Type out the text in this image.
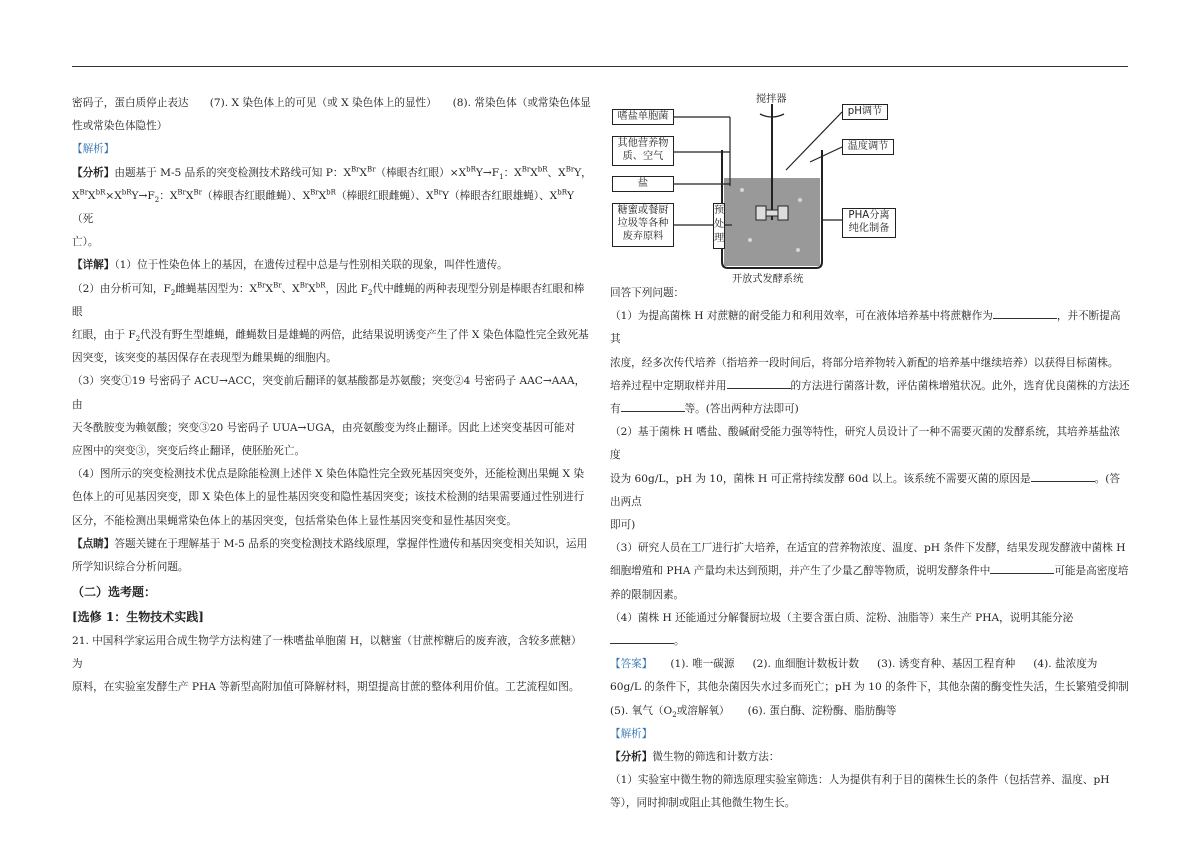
密码子，蛋白质停止表达　　(7). X 染色体上的可见（或 X 染色体上的显性）　　(8). 常染色体（或常染色体显

性或常染色体隐性）

【解析】

【分析】由题基于 M-5 品系的突变检测技术路线可知 P：$X^{Br}X^{Br}$（棒眼杏红眼）$\times X^{bR}Y\to F_1$：$X^{Br}X^{bR}$、$X^{Br}Y$，

$X^{Br}X^{bR}\times X^{bR}Y\to F_2$：$X^{Br}X^{Br}$（棒眼杏红眼雌蝇）、$X^{Br}X^{bR}$（棒眼红眼雌蝇）、$X^{Br}Y$（棒眼杏红眼雄蝇）、$X^{bR}Y$（死

亡）。

【详解】（1）位于性染色体上的基因，在遗传过程中总是与性别相关联的现象，叫伴性遗传。

（2）由分析可知，$F_2$雌蝇基因型为：$X^{Br}X^{Br}$、$X^{Br}X^{bR}$，因此 $F_2$代中雌蝇的两种表现型分别是棒眼杏红眼和棒眼

红眼，由于 $F_2$代没有野生型雄蝇，雌蝇数目是雄蝇的两倍，此结果说明诱变产生了伴 X 染色体隐性完全致死基

因突变，该突变的基因保存在表现型为雌果蝇的细胞内。

（3）突变①19 号密码子 ACU→ACC，突变前后翻译的氨基酸都是苏氨酸；突变②4 号密码子 AAC→AAA，由

天冬酰胺变为赖氨酸；突变③20 号密码子 UUA→UGA，由亮氨酸变为终止翻译。因此上述突变基因可能对

应图中的突变③，突变后终止翻译，使胚胎死亡。

（4）图所示的突变检测技术优点是除能检测上述伴 X 染色体隐性完全致死基因突变外，还能检测出果蝇 X 染

色体上的可见基因突变，即 X 染色体上的显性基因突变和隐性基因突变；该技术检测的结果需要通过性别进行

区分，不能检测出果蝇常染色体上的基因突变，包括常染色体上显性基因突变和显性基因突变。

【点睛】答题关键在于理解基于 M-5 品系的突变检测技术路线原理，掌握伴性遗传和基因突变相关知识，运用

所学知识综合分析问题。

（二）选考题：

[选修 1：生物技术实践]

21. 中国科学家运用合成生物学方法构建了一株嗜盐单胞菌 H，以糖蜜（甘蔗榨糖后的废弃液，含较多蔗糖）为

原料，在实验室发酵生产 PHA 等新型高附加值可降解材料，期望提高甘蔗的整体利用价值。工艺流程如图。

搅拌器
pH调节
温度调节
嗜盐单胞菌
其他营养物
质、空气
盐
糖蜜或餐厨
垃圾等各种
废弃原料
预
处
理
PHA分离
纯化制备
开放式发酵系统

回答下列问题：

（1）为提高菌株 H 对蔗糖的耐受能力和利用效率，可在液体培养基中将蔗糖作为	，并不断提高其

浓度，经多次传代培养（指培养一段时间后，将部分培养物转入新配的培养基中继续培养）以获得目标菌株。

培养过程中定期取样并用	的方法进行菌落计数，评估菌株增殖状况。此外，选育优良菌株的方法还

有	等。(答出两种方法即可)

（2）基于菌株 H 嗜盐、酸碱耐受能力强等特性，研究人员设计了一种不需要灭菌的发酵系统，其培养基盐浓度

设为 60g/L，pH 为 10，菌株 H 可正常持续发酵 60d 以上。该系统不需要灭菌的原因是	。(答出两点

即可)

（3）研究人员在工厂进行扩大培养，在适宜的营养物浓度、温度、pH 条件下发酵，结果发现发酵液中菌株 H

细胞增殖和 PHA 产量均未达到预期，并产生了少量乙醇等物质，说明发酵条件中	可能是高密度培

养的限制因素。

（4）菌株 H 还能通过分解餐厨垃圾（主要含蛋白质、淀粉、油脂等）来生产 PHA，说明其能分泌

。

【答案】 (1). 唯一碳源 (2). 血细胞计数板计数 (3). 诱变育种、基因工程育种 (4). 盐浓度为

60g/L 的条件下，其他杂菌因失水过多而死亡；pH 为 10 的条件下，其他杂菌的酶变性失活，生长繁殖受抑制

(5). 氧气（$O_2$或溶解氧） (6). 蛋白酶、淀粉酶、脂肪酶等

【解析】

【分析】微生物的筛选和计数方法：

（1）实验室中微生物的筛选原理实验室筛选：人为提供有利于目的菌株生长的条件（包括营养、温度、pH

等），同时抑制或阻止其他微生物生长。
